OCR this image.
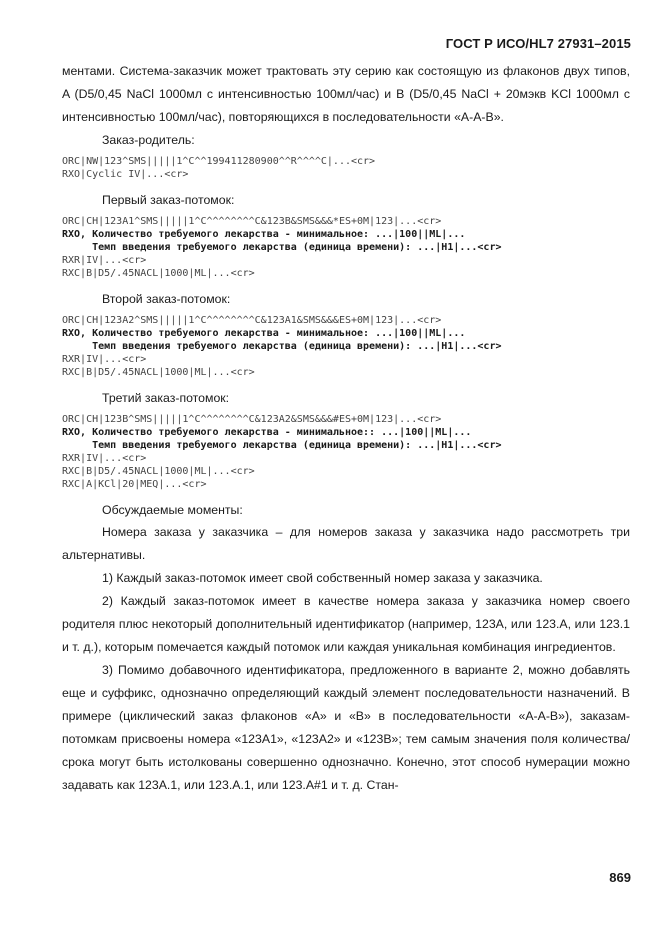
ГОСТ Р ИСО/HL7 27931–2015

ментами. Система-заказчик может трактовать эту серию как состоящую из флаконов двух типов, A (D5/0,45 NaCl 1000мл с интенсивностью 100мл/час) и B (D5/0,45 NaCl + 20мэкв KCl 1000мл с интенсивностью 100мл/час), повторяющихся в последовательности «A-A-B».

Заказ-родитель:

ORC|NW|123^SMS|||||1^C^^199411280900^^R^^^^C|...<cr>
RXO|Cyclic IV|...<cr>

Первый заказ-потомок:

ORC|CH|123A1^SMS|||||1^C^^^^^^^^C&123B&SMS&&&*ES+0M|123|...<cr>
RXO, Количество требуемого лекарства - минимальное: ...|100||ML|...
Темп введения требуемого лекарства (единица времени): ...|H1|...<cr>
RXR|IV|...<cr>
RXC|B|D5/.45NACL|1000|ML|...<cr>

Второй заказ-потомок:

ORC|CH|123A2^SMS|||||1^C^^^^^^^^C&123A1&SMS&&&ES+0M|123|...<cr>
RXO, Количество требуемого лекарства - минимальное: ...|100||ML|...
Темп введения требуемого лекарства (единица времени): ...|H1|...<cr>
RXR|IV|...<cr>
RXC|B|D5/.45NACL|1000|ML|...<cr>

Третий заказ-потомок:

ORC|CH|123B^SMS|||||1^C^^^^^^^^C&123A2&SMS&&&#ES+0M|123|...<cr>
RXO, Количество требуемого лекарства - минимальное:: ...|100||ML|...
Темп введения требуемого лекарства (единица времени): ...|H1|...<cr>
RXR|IV|...<cr>
RXC|B|D5/.45NACL|1000|ML|...<cr>
RXC|A|KCl|20|MEQ|...<cr>

Обсуждаемые моменты:

Номера заказа у заказчика – для номеров заказа у заказчика надо рассмотреть три альтернативы.

1) Каждый заказ-потомок имеет свой собственный номер заказа у заказчика.

2) Каждый заказ-потомок имеет в качестве номера заказа у заказчика номер своего родителя плюс некоторый дополнительный идентификатор (например, 123A, или 123.A, или 123.1 и т. д.), которым помечается каждый потомок или каждая уникальная комбинация ингредиентов.

3) Помимо добавочного идентификатора, предложенного в варианте 2, можно добавлять еще и суффикс, однозначно определяющий каждый элемент последовательности назначений. В примере (циклический заказ флаконов «A» и «B» в последовательности «A-A-B»), заказам-потомкам присвоены номера «123A1», «123A2» и «123B»; тем самым значения поля количества/срока могут быть истолкованы совершенно однозначно. Конечно, этот способ нумерации можно задавать как 123A.1, или 123.A.1, или 123.A#1 и т. д. Стан-

869
